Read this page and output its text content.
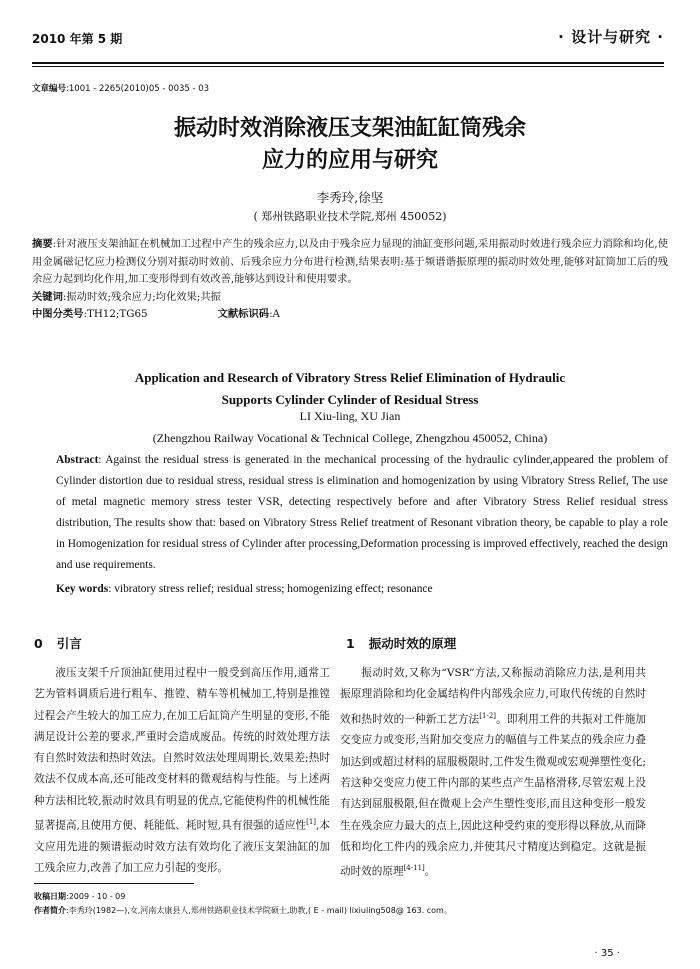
2010 年第 5 期	· 设计与研究 ·
文章编号:1001 - 2265(2010)05 - 0035 - 03
振动时效消除液压支架油缸缸筒残余
应力的应用与研究
李秀玲,徐坚
( 郑州铁路职业技术学院,郑州 450052)
摘要:针对液压支架油缸在机械加工过程中产生的残余应力,以及由于残余应力显现的油缸变形问题,采用振动时效进行残余应力消除和均化,使用金属磁记忆应力检测仪分别对振动时效前、后残余应力分布进行检测,结果表明:基于频谱谐振原理的振动时效处理,能够对缸筒加工后的残余应力起到均化作用,加工变形得到有效改善,能够达到设计和使用要求。
关键词:振动时效;残余应力;均化效果;共振
中图分类号:TH12;TG65	文献标识码:A
Application and Research of Vibratory Stress Relief Elimination of Hydraulic
Supports Cylinder Cylinder of Residual Stress
LI Xiu-ling, XU Jian
(Zhengzhou Railway Vocational & Technical College, Zhengzhou 450052, China)
Abstract: Against the residual stress is generated in the mechanical processing of the hydraulic cylinder,appeared the problem of Cylinder distortion due to residual stress, residual stress is elimination and homogenization by using Vibratory Stress Relief, The use of metal magnetic memory stress tester VSR, detecting respectively before and after Vibratory Stress Relief residual stress distribution, The results show that: based on Vibratory Stress Relief treatment of Resonant vibration theory, be capable to play a role in Homogenization for residual stress of Cylinder after processing,Deformation processing is improved effectively, reached the design and use requirements.
Key words: vibratory stress relief; residual stress; homogenizing effect; resonance
0 引言
液压支架千斤顶油缸使用过程中一般受到高压作用,通常工艺为管料调质后进行粗车、推镗、精车等机械加工,特别是推镗过程会产生较大的加工应力,在加工后缸筒产生明显的变形,不能满足设计公差的要求,严重时会造成废品。传统的时效处理方法有自然时效法和热时效法。自然时效法处理周期长,效果差;热时效法不仅成本高,还可能改变材料的微观结构与性能。与上述两种方法相比较,振动时效具有明显的优点,它能使构件的机械性能显著提高,且使用方便、耗能低、耗时短,具有很强的适应性[1],本文应用先进的频谱振动时效方法有效均化了液压支架油缸的加工残余应力,改善了加工应力引起的变形。
1 振动时效的原理
振动时效,又称为“VSR”方法,又称振动消除应力法,是利用共振原理消除和均化金属结构件内部残余应力,可取代传统的自然时效和热时效的一种新工艺方法[1-2]。即利用工件的共振对工件施加交变应力或变形,当附加交变应力的幅值与工件某点的残余应力叠加达到或超过材料的屈服极限时,工件发生微观或宏观弹塑性变化;若这种交变应力使工件内部的某些点产生晶格滑移,尽管宏观上没有达到屈服极限,但在微观上会产生塑性变形,而且这种变形一般发生在残余应力最大的点上,因此这种受约束的变形得以释放,从而降低和均化工件内的残余应力,并使其尺寸精度达到稳定。这就是振动时效的原理[4-11]。
收稿日期:2009 - 10 - 09
作者简介:李秀玲(1982—),女,河南太康县人,郑州铁路职业技术学院硕士,助教,( E - mail) lixiuling508@ 163. com。
· 35 ·
